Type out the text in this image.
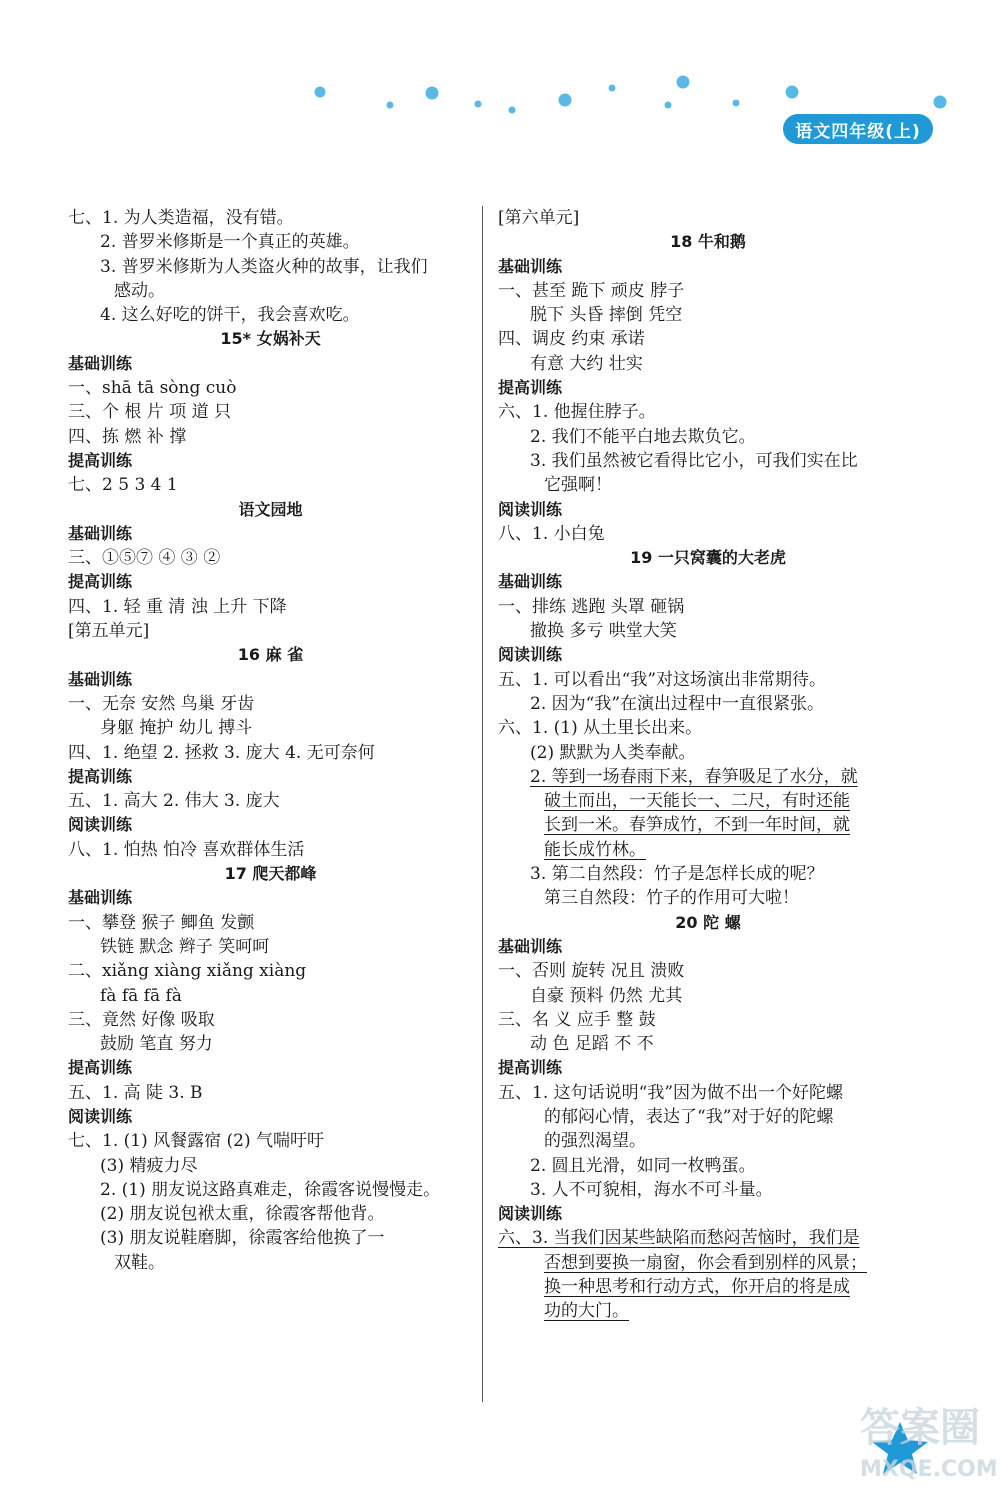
语文四年级(上)
七、1. 为人类造福，没有错。
2. 普罗米修斯是一个真正的英雄。
3. 普罗米修斯为人类盗火种的故事，让我们
感动。
4. 这么好吃的饼干，我会喜欢吃。
15* 女娲补天
基础训练
一、shā tā sòng cuò
三、个 根 片 项 道 只
四、拣 燃 补 撑
提高训练
七、2 5 3 4 1
语文园地
基础训练
三、①⑤⑦ ④ ③ ②
提高训练
四、1. 轻 重 清 浊 上升 下降
[第五单元]
16 麻 雀
基础训练
一、无奈 安然 鸟巢 牙齿
身躯 掩护 幼儿 搏斗
四、1. 绝望 2. 拯救 3. 庞大 4. 无可奈何
提高训练
五、1. 高大 2. 伟大 3. 庞大
阅读训练
八、1. 怕热 怕冷 喜欢群体生活
17 爬天都峰
基础训练
一、攀登 猴子 鲫鱼 发颤
铁链 默念 辫子 笑呵呵
二、xiǎng xiàng xiǎng xiàng
fà fā fā fà
三、竟然 好像 吸取
鼓励 笔直 努力
提高训练
五、1. 高 陡 3. B
阅读训练
七、1. (1) 风餐露宿 (2) 气喘吁吁
(3) 精疲力尽
2. (1) 朋友说这路真难走，徐霞客说慢慢走。
(2) 朋友说包袱太重，徐霞客帮他背。
(3) 朋友说鞋磨脚，徐霞客给他换了一
双鞋。
[第六单元]
18 牛和鹅
基础训练
一、甚至 跪下 顽皮 脖子
脱下 头昏 摔倒 凭空
四、调皮 约束 承诺
有意 大约 壮实
提高训练
六、1. 他握住脖子。
2. 我们不能平白地去欺负它。
3. 我们虽然被它看得比它小，可我们实在比
它强啊！
阅读训练
八、1. 小白兔
19 一只窝囊的大老虎
基础训练
一、排练 逃跑 头罩 砸锅
撤换 多亏 哄堂大笑
阅读训练
五、1. 可以看出“我”对这场演出非常期待。
2. 因为“我”在演出过程中一直很紧张。
六、1. (1) 从土里长出来。
(2) 默默为人类奉献。
2. 等到一场春雨下来，春笋吸足了水分，就
破土而出，一天能长一、二尺，有时还能
长到一米。春笋成竹，不到一年时间，就
能长成竹林。
3. 第二自然段：竹子是怎样长成的呢？
第三自然段：竹子的作用可大啦！
20 陀 螺
基础训练
一、否则 旋转 况且 溃败
自豪 预料 仍然 尤其
三、名 义 应手 整 鼓
动 色 足蹈 不 不
提高训练
五、1. 这句话说明“我”因为做不出一个好陀螺
的郁闷心情，表达了“我”对于好的陀螺
的强烈渴望。
2. 圆且光滑，如同一枚鸭蛋。
3. 人不可貌相，海水不可斗量。
阅读训练
六、3. 当我们因某些缺陷而愁闷苦恼时，我们是
否想到要换一扇窗，你会看到别样的风景；
换一种思考和行动方式，你开启的将是成
功的大门。
答案圈
MXQE.COM
